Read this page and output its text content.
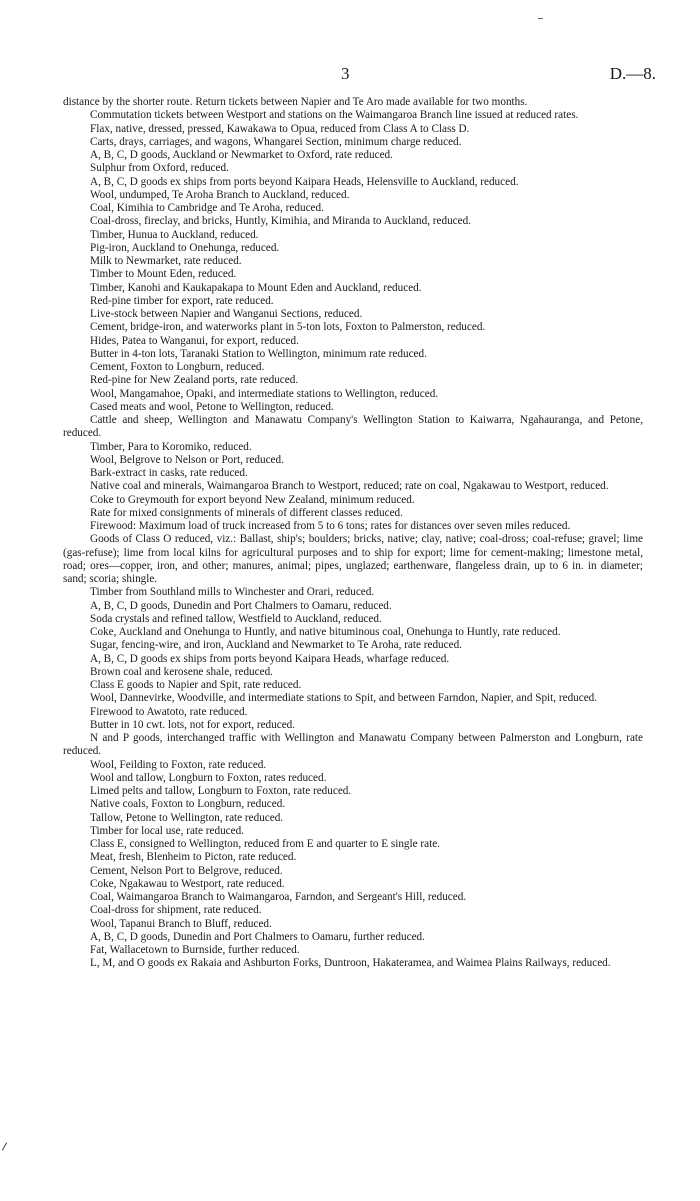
3	D.—8.

distance by the shorter route. Return tickets between Napier and Te Aro made available for two months.

Commutation tickets between Westport and stations on the Waimangaroa Branch line issued at reduced rates.

Flax, native, dressed, pressed, Kawakawa to Opua, reduced from Class A to Class D.

Carts, drays, carriages, and wagons, Whangarei Section, minimum charge reduced.

A, B, C, D goods, Auckland or Newmarket to Oxford, rate reduced.

Sulphur from Oxford, reduced.

A, B, C, D goods ex ships from ports beyond Kaipara Heads, Helensville to Auckland, reduced.

Wool, undumped, Te Aroha Branch to Auckland, reduced.

Coal, Kimihia to Cambridge and Te Aroha, reduced.

Coal-dross, fireclay, and bricks, Huntly, Kimihia, and Miranda to Auckland, reduced.

Timber, Hunua to Auckland, reduced.

Pig-iron, Auckland to Onehunga, reduced.

Milk to Newmarket, rate reduced.

Timber to Mount Eden, reduced.

Timber, Kanohi and Kaukapakapa to Mount Eden and Auckland, reduced.

Red-pine timber for export, rate reduced.

Live-stock between Napier and Wanganui Sections, reduced.

Cement, bridge-iron, and waterworks plant in 5-ton lots, Foxton to Palmerston, reduced.

Hides, Patea to Wanganui, for export, reduced.

Butter in 4-ton lots, Taranaki Station to Wellington, minimum rate reduced.

Cement, Foxton to Longburn, reduced.

Red-pine for New Zealand ports, rate reduced.

Wool, Mangamahoe, Opaki, and intermediate stations to Wellington, reduced.

Cased meats and wool, Petone to Wellington, reduced.

Cattle and sheep, Wellington and Manawatu Company's Wellington Station to Kaiwarra, Ngahauranga, and Petone, reduced.

Timber, Para to Koromiko, reduced.

Wool, Belgrove to Nelson or Port, reduced.

Bark-extract in casks, rate reduced.

Native coal and minerals, Waimangaroa Branch to Westport, reduced; rate on coal, Ngakawau to Westport, reduced.

Coke to Greymouth for export beyond New Zealand, minimum reduced.

Rate for mixed consignments of minerals of different classes reduced.

Firewood: Maximum load of truck increased from 5 to 6 tons; rates for distances over seven miles reduced.

Goods of Class O reduced, viz.: Ballast, ship's; boulders; bricks, native; clay, native; coal-dross; coal-refuse; gravel; lime (gas-refuse); lime from local kilns for agricultural purposes and to ship for export; lime for cement-making; limestone metal, road; ores—copper, iron, and other; manures, animal; pipes, unglazed; earthenware, flangeless drain, up to 6 in. in diameter; sand; scoria; shingle.

Timber from Southland mills to Winchester and Orari, reduced.

A, B, C, D goods, Dunedin and Port Chalmers to Oamaru, reduced.

Soda crystals and refined tallow, Westfield to Auckland, reduced.

Coke, Auckland and Onehunga to Huntly, and native bituminous coal, Onehunga to Huntly, rate reduced.

Sugar, fencing-wire, and iron, Auckland and Newmarket to Te Aroha, rate reduced.

A, B, C, D goods ex ships from ports beyond Kaipara Heads, wharfage reduced.

Brown coal and kerosene shale, reduced.

Class E goods to Napier and Spit, rate reduced.

Wool, Dannevirke, Woodville, and intermediate stations to Spit, and between Farndon, Napier, and Spit, reduced.

Firewood to Awatoto, rate reduced.

Butter in 10 cwt. lots, not for export, reduced.

N and P goods, interchanged traffic with Wellington and Manawatu Company between Palmerston and Longburn, rate reduced.

Wool, Feilding to Foxton, rate reduced.

Wool and tallow, Longburn to Foxton, rates reduced.

Limed pelts and tallow, Longburn to Foxton, rate reduced.

Native coals, Foxton to Longburn, reduced.

Tallow, Petone to Wellington, rate reduced.

Timber for local use, rate reduced.

Class E, consigned to Wellington, reduced from E and quarter to E single rate.

Meat, fresh, Blenheim to Picton, rate reduced.

Cement, Nelson Port to Belgrove, reduced.

Coke, Ngakawau to Westport, rate reduced.

Coal, Waimangaroa Branch to Waimangaroa, Farndon, and Sergeant's Hill, reduced.

Coal-dross for shipment, rate reduced.

Wool, Tapanui Branch to Bluff, reduced.

A, B, C, D goods, Dunedin and Port Chalmers to Oamaru, further reduced.

Fat, Wallacetown to Burnside, further reduced.

L, M, and O goods ex Rakaia and Ashburton Forks, Duntroon, Hakateramea, and Waimea Plains Railways, reduced.
